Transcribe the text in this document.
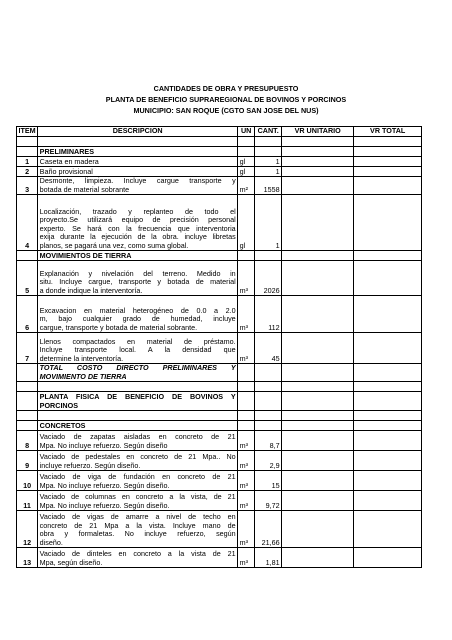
CANTIDADES DE OBRA Y PRESUPUESTO
PLANTA DE BENEFICIO SUPRAREGIONAL DE BOVINOS Y PORCINOS
MUNICIPIO: SAN ROQUE (CGTO SAN JOSE DEL NUS)
ITEM	DESCRIPCION	UN	CANT.	VR UNITARIO	VR TOTAL

	PRELIMINARES				

1	Caseta en madera	gl	1		
2	Baño provisional	gl	1		
3	Desmonte, limpieza. Incluye cargue transporte y
botada de material sobrante	m²	1558		
4	Localización, trazado y replanteo de todo el
proyecto.Se utilizará equipo de precisión personal
experto. Se hará con la frecuencia que interventoria
exija durante la ejecución de la obra. incluye libretas
planos, se pagará una vez, como suma global.	gl	1		

	MOVIMIENTOS DE TIERRA				

5	Explanación y nivelación del terreno. Medido in
situ. Incluye cargue, transporte y botada de material
a donde indique la interventoría.	m³	2026		
6	Excavacion en material heterogéneo de 0.0 a 2.0
m, bajo cualquier grado de humedad, incluye
cargue, transporte y botada de material sobrante.	m³	112		
7	Llenos compactados en material de préstamo.
Incluye transporte local. A la densidad que
determine la interventoría.	m³	45		

	TOTAL COSTO DIRECTO PRELIMINARES Y
MOVIMIENTO DE TIERRA				

	PLANTA FISICA DE BENEFICIO DE BOVINOS Y
PORCINOS				

	CONCRETOS				

8	Vaciado de zapatas aisladas en concreto de 21
Mpa. No incluye refuerzo. Según diseño	m³	8,7		
9	Vaciado de pedestales en concreto de 21 Mpa.. No
incluye refuerzo. Según diseño.	m³	2,9		
10	Vaciado de viga de fundación en concreto de 21
Mpa. No incluye refuerzo. Según diseño.	m³	15		
11	Vaciado de columnas en concreto a la vista, de 21
Mpa. No incluye refuerzo. Según diseño.	m³	9,72		
12	Vaciado de vigas de amarre a nivel de techo en
concreto de 21 Mpa a la vista. Incluye mano de
obra y formaletas. No incluye refuerzo, según
diseño.	m³	21,66		
13	Vaciado de dinteles en concreto a la vista de 21
Mpa, según diseño.	m³	1,81		
